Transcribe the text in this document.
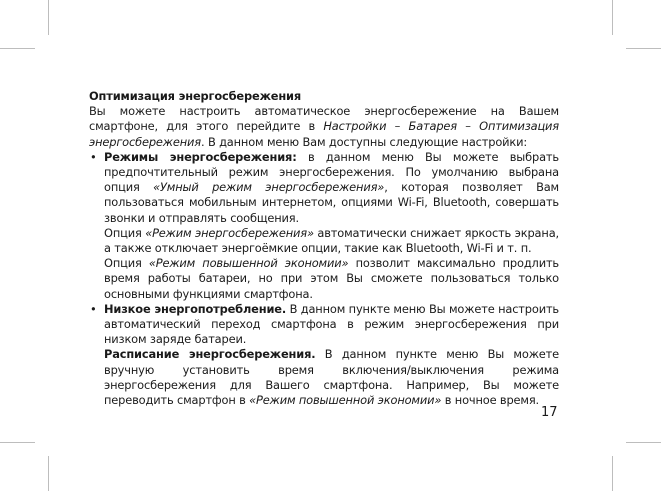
Оптимизация энергосбережения

Вы можете настроить автоматическое энергосбережение на Вашем смартфоне, для этого перейдите в Настройки – Батарея – Оптимизация энергосбережения. В данном меню Вам доступны следующие настройки:

• Режимы энергосбережения: в данном меню Вы можете выбрать предпочтительный режим энергосбережения. По умолчанию выбрана опция «Умный режим энергосбережения», которая позволяет Вам пользоваться мобильным интернетом, опциями Wi-Fi, Bluetooth, совершать звонки и отправлять сообщения.

Опция «Режим энергосбережения» автоматически снижает яркость экрана, а также отключает энергоёмкие опции, такие как Bluetooth, Wi-Fi и т. п.

Опция «Режим повышенной экономии» позволит максимально продлить время работы батареи, но при этом Вы сможете пользоваться только основными функциями смартфона.

• Низкое энергопотребление. В данном пункте меню Вы можете настроить автоматический переход смартфона в режим энергосбережения при низком заряде батареи.

Расписание энергосбережения. В данном пункте меню Вы можете вручную установить время включения/выключения режима энергосбережения для Вашего смартфона. Например, Вы можете переводить смартфон в «Режим повышенной экономии» в ночное время.

17
